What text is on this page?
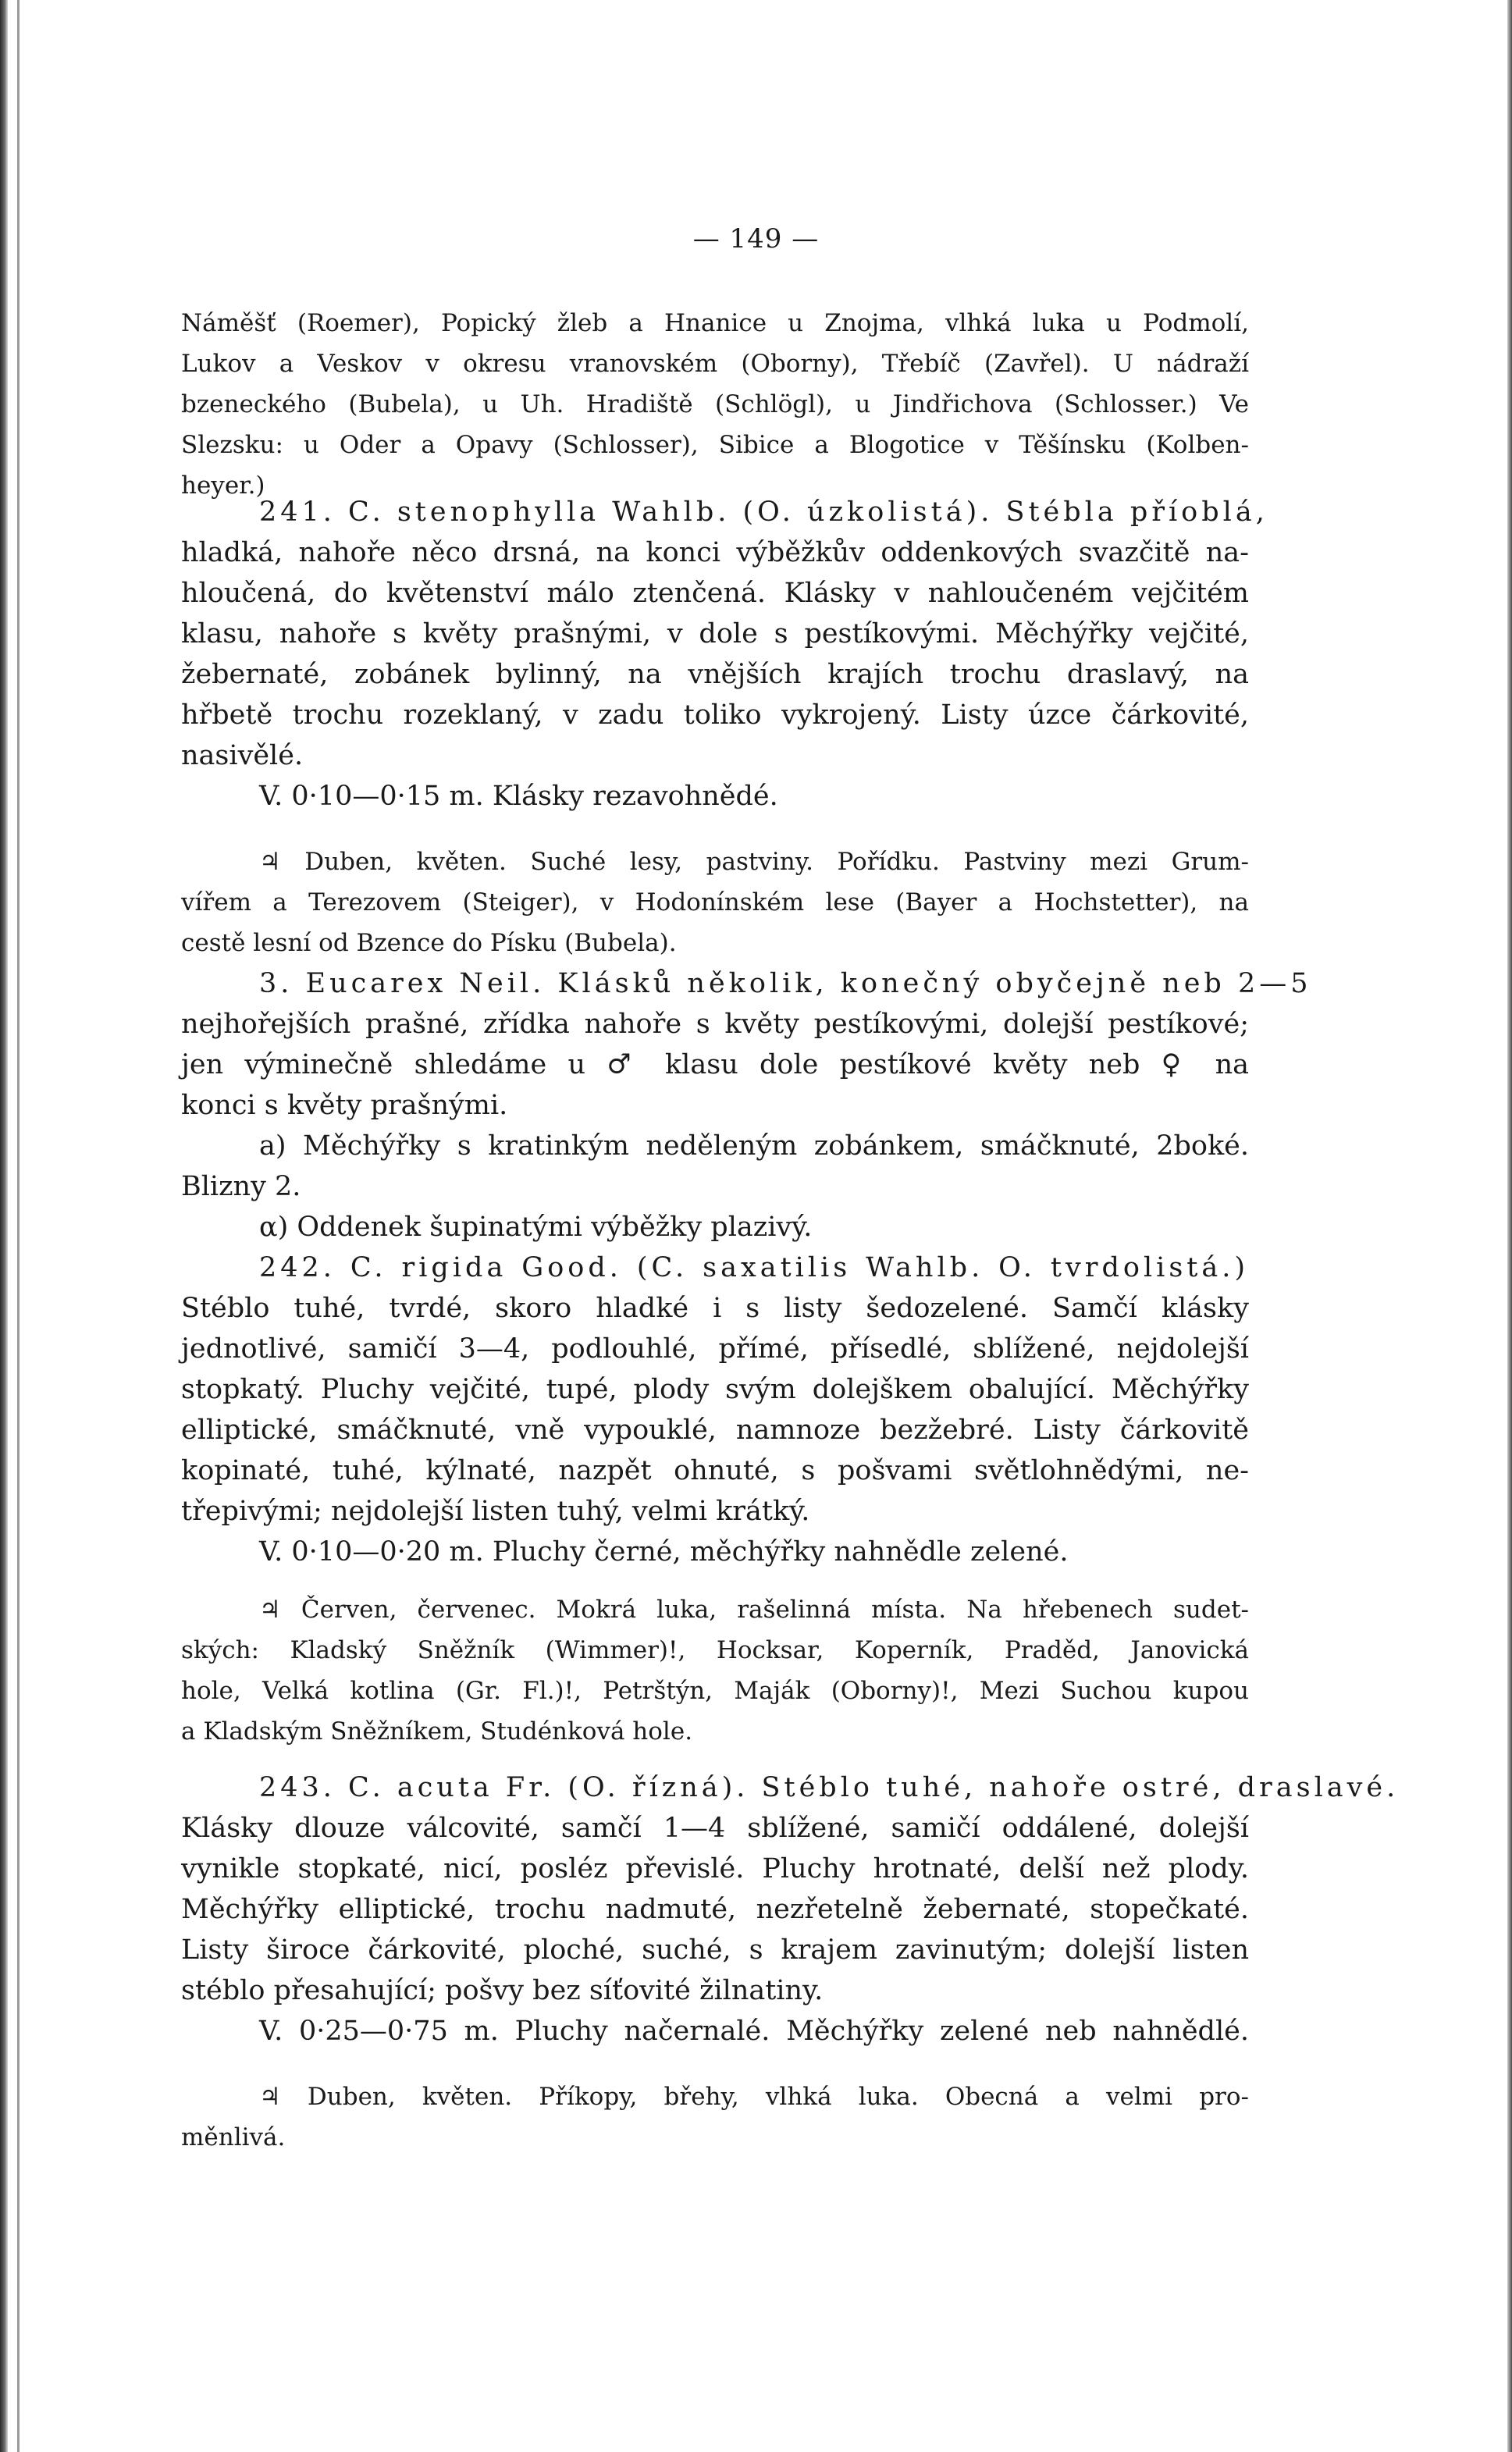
— 149 —
Náměšť (Roemer), Popický žleb a Hnanice u Znojma, vlhká luka u Podmolí,
Lukov a Veskov v okresu vranovském (Oborny), Třebíč (Zavřel). U nádraží
bzeneckého (Bubela), u Uh. Hradiště (Schlögl), u Jindřichova (Schlosser.) Ve
Slezsku: u Oder a Opavy (Schlosser), Sibice a Blogotice v Těšínsku (Kolben-
heyer.)
241. C. stenophylla Wahlb. (O. úzkolistá). Stébla příoblá,
hladká, nahoře něco drsná, na konci výběžkův oddenkových svazčitě na-
hloučená, do květenství málo ztenčená. Klásky v nahloučeném vejčitém
klasu, nahoře s květy prašnými, v dole s pestíkovými. Měchýřky vejčité,
žebernaté, zobánek bylinný, na vnějších krajích trochu draslavý, na
hřbetě trochu rozeklaný, v zadu toliko vykrojený. Listy úzce čárkovité,
nasivělé.
V. 0·10—0·15 m. Klásky rezavohnědé.
♃ Duben, květen. Suché lesy, pastviny. Pořídku. Pastviny mezi Grum-
vířem a Terezovem (Steiger), v Hodonínském lese (Bayer a Hochstetter), na
cestě lesní od Bzence do Písku (Bubela).
3. Eucarex Neil. Klásků několik, konečný obyčejně neb 2—5
nejhořejších prašné, zřídka nahoře s květy pestíkovými, dolejší pestíkové;
jen výminečně shledáme u ♂ klasu dole pestíkové květy neb ♀ na
konci s květy prašnými.
a) Měchýřky s kratinkým neděleným zobánkem, smáčknuté, 2boké.
Blizny 2.
α) Oddenek šupinatými výběžky plazivý.
242. C. rigida Good. (C. saxatilis Wahlb. O. tvrdolistá.)
Stéblo tuhé, tvrdé, skoro hladké i s listy šedozelené. Samčí klásky
jednotlivé, samičí 3—4, podlouhlé, přímé, přísedlé, sblížené, nejdolejší
stopkatý. Pluchy vejčité, tupé, plody svým dolejškem obalující. Měchýřky
elliptické, smáčknuté, vně vypouklé, namnoze bezžebré. Listy čárkovitě
kopinaté, tuhé, kýlnaté, nazpět ohnuté, s pošvami světlohnědými, ne-
třepivými; nejdolejší listen tuhý, velmi krátký.
V. 0·10—0·20 m. Pluchy černé, měchýřky nahnědle zelené.
♃ Červen, červenec. Mokrá luka, rašelinná místa. Na hřebenech sudet-
ských: Kladský Sněžník (Wimmer)!, Hocksar, Koperník, Praděd, Janovická
hole, Velká kotlina (Gr. Fl.)!, Petrštýn, Maják (Oborny)!, Mezi Suchou kupou
a Kladským Sněžníkem, Studénková hole.
243. C. acuta Fr. (O. řízná). Stéblo tuhé, nahoře ostré, draslavé.
Klásky dlouze válcovité, samčí 1—4 sblížené, samičí oddálené, dolejší
vynikle stopkaté, nicí, posléz převislé. Pluchy hrotnaté, delší než plody.
Měchýřky elliptické, trochu nadmuté, nezřetelně žebernaté, stopečkaté.
Listy široce čárkovité, ploché, suché, s krajem zavinutým; dolejší listen
stéblo přesahující; pošvy bez síťovité žilnatiny.
V. 0·25—0·75 m. Pluchy načernalé. Měchýřky zelené neb nahnědlé.
♃ Duben, květen. Příkopy, břehy, vlhká luka. Obecná a velmi pro-
měnlivá.
